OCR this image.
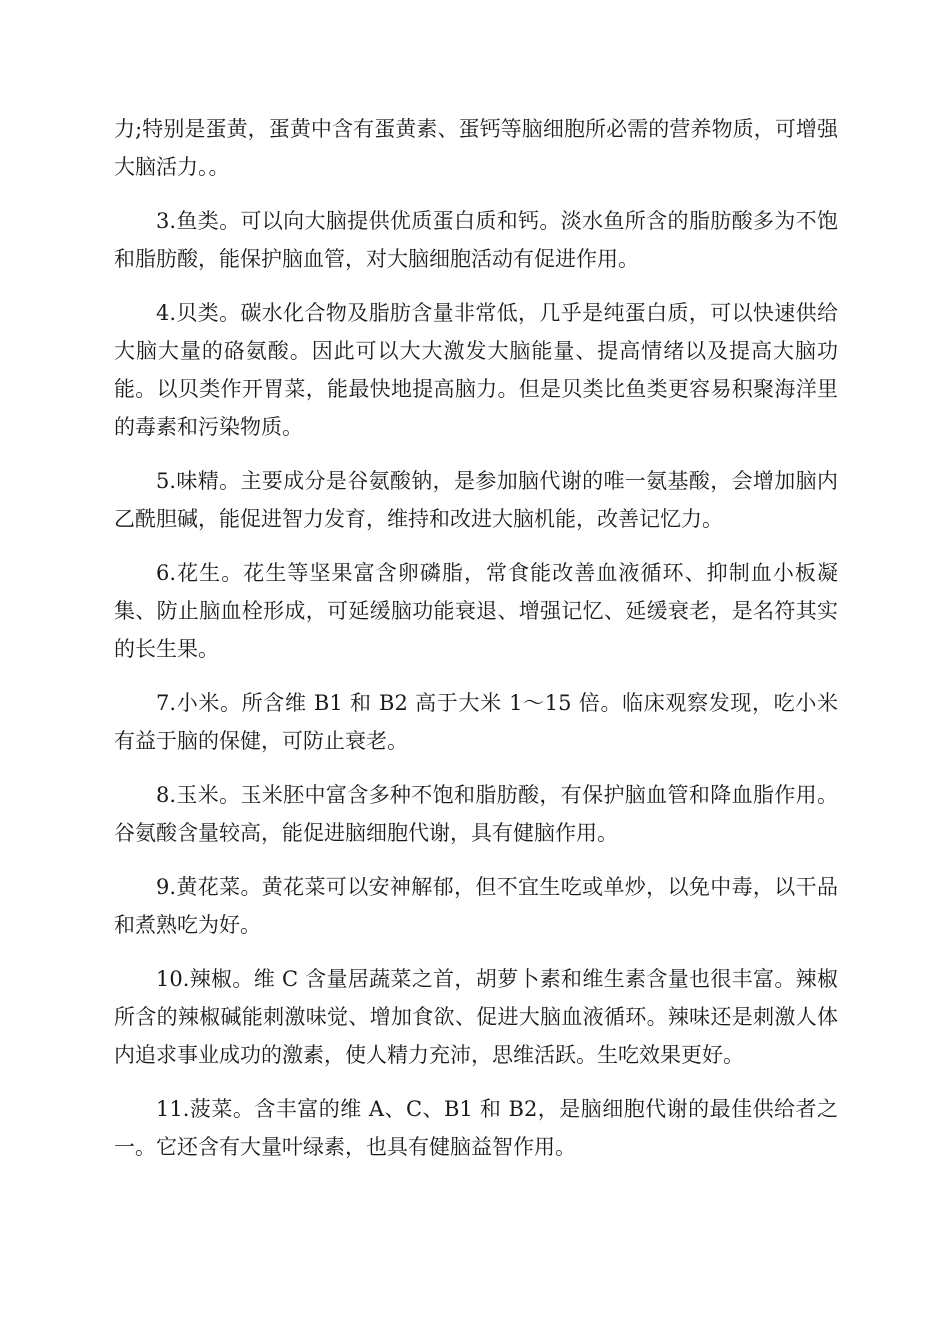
力;特别是蛋黄，蛋黄中含有蛋黄素、蛋钙等脑细胞所必需的营养物质，可增强大脑活力。。

3.鱼类。可以向大脑提供优质蛋白质和钙。淡水鱼所含的脂肪酸多为不饱和脂肪酸，能保护脑血管，对大脑细胞活动有促进作用。

4.贝类。碳水化合物及脂肪含量非常低，几乎是纯蛋白质，可以快速供给大脑大量的硌氨酸。因此可以大大激发大脑能量、提高情绪以及提高大脑功能。以贝类作开胃菜，能最快地提高脑力。但是贝类比鱼类更容易积聚海洋里的毒素和污染物质。

5.味精。主要成分是谷氨酸钠，是参加脑代谢的唯一氨基酸，会增加脑内乙酰胆碱，能促进智力发育，维持和改进大脑机能，改善记忆力。

6.花生。花生等坚果富含卵磷脂，常食能改善血液循环、抑制血小板凝集、防止脑血栓形成，可延缓脑功能衰退、增强记忆、延缓衰老，是名符其实的长生果。

7.小米。所含维 B1 和 B2 高于大米 1～15 倍。临床观察发现，吃小米有益于脑的保健，可防止衰老。

8.玉米。玉米胚中富含多种不饱和脂肪酸，有保护脑血管和降血脂作用。谷氨酸含量较高，能促进脑细胞代谢，具有健脑作用。

9.黄花菜。黄花菜可以安神解郁，但不宜生吃或单炒，以免中毒，以干品和煮熟吃为好。

10.辣椒。维 C 含量居蔬菜之首，胡萝卜素和维生素含量也很丰富。辣椒所含的辣椒碱能刺激味觉、增加食欲、促进大脑血液循环。辣味还是刺激人体内追求事业成功的激素，使人精力充沛，思维活跃。生吃效果更好。

11.菠菜。含丰富的维 A、C、B1 和 B2，是脑细胞代谢的最佳供给者之一。它还含有大量叶绿素，也具有健脑益智作用。
